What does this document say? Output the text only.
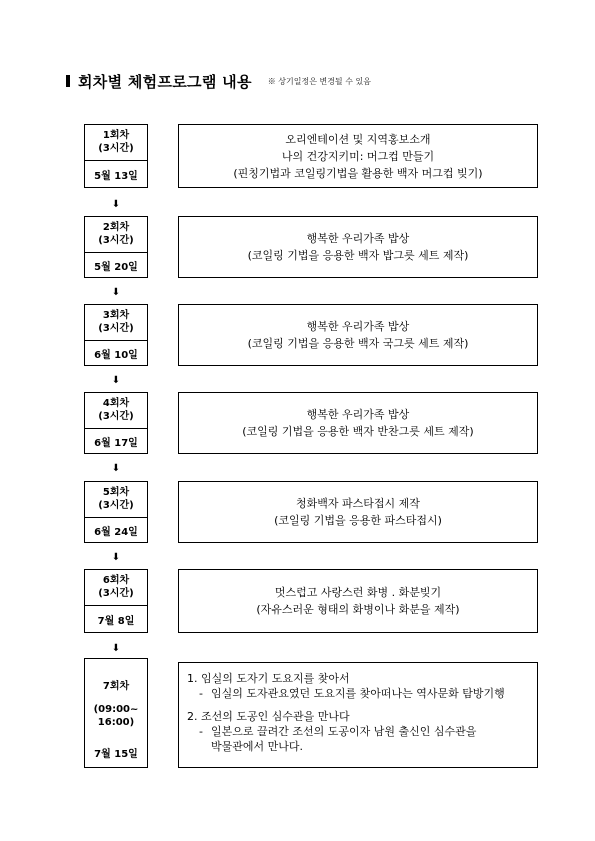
회차별 체험프로그램 내용 ※ 상기일정은 변경될 수 있음
1회차
(3시간)
5월 13일
오리엔테이션 및 지역홍보소개
나의 건강지키미: 머그컵 만들기
(핀칭기법과 코일링기법을 활용한 백자 머그컵 빚기)
⬇
2회차
(3시간)
5월 20일
행복한 우리가족 밥상
(코일링 기법을 응용한 백자 밥그릇 세트 제작)
⬇
3회차
(3시간)
6월 10일
행복한 우리가족 밥상
(코일링 기법을 응용한 백자 국그릇 세트 제작)
⬇
4회차
(3시간)
6월 17일
행복한 우리가족 밥상
(코일링 기법을 응용한 백자 반찬그릇 세트 제작)
⬇
5회차
(3시간)
6월 24일
청화백자 파스타접시 제작
(코일링 기법을 응용한 파스타접시)
⬇
6회차
(3시간)
7월 8일
멋스럽고 사랑스런 화병 . 화분빚기
(자유스러운 형태의 화병이나 화분을 제작)
⬇
7회차
(09:00~
16:00)
7월 15일
1. 임실의 도자기 도요지를 찾아서
- 임실의 도자관요였던 도요지를 찾아떠나는 역사문화 탐방기행
2. 조선의 도공인 심수관을 만나다
- 일본으로 끌려간 조선의 도공이자 남원 출신인 심수관을
박물관에서 만나다.
